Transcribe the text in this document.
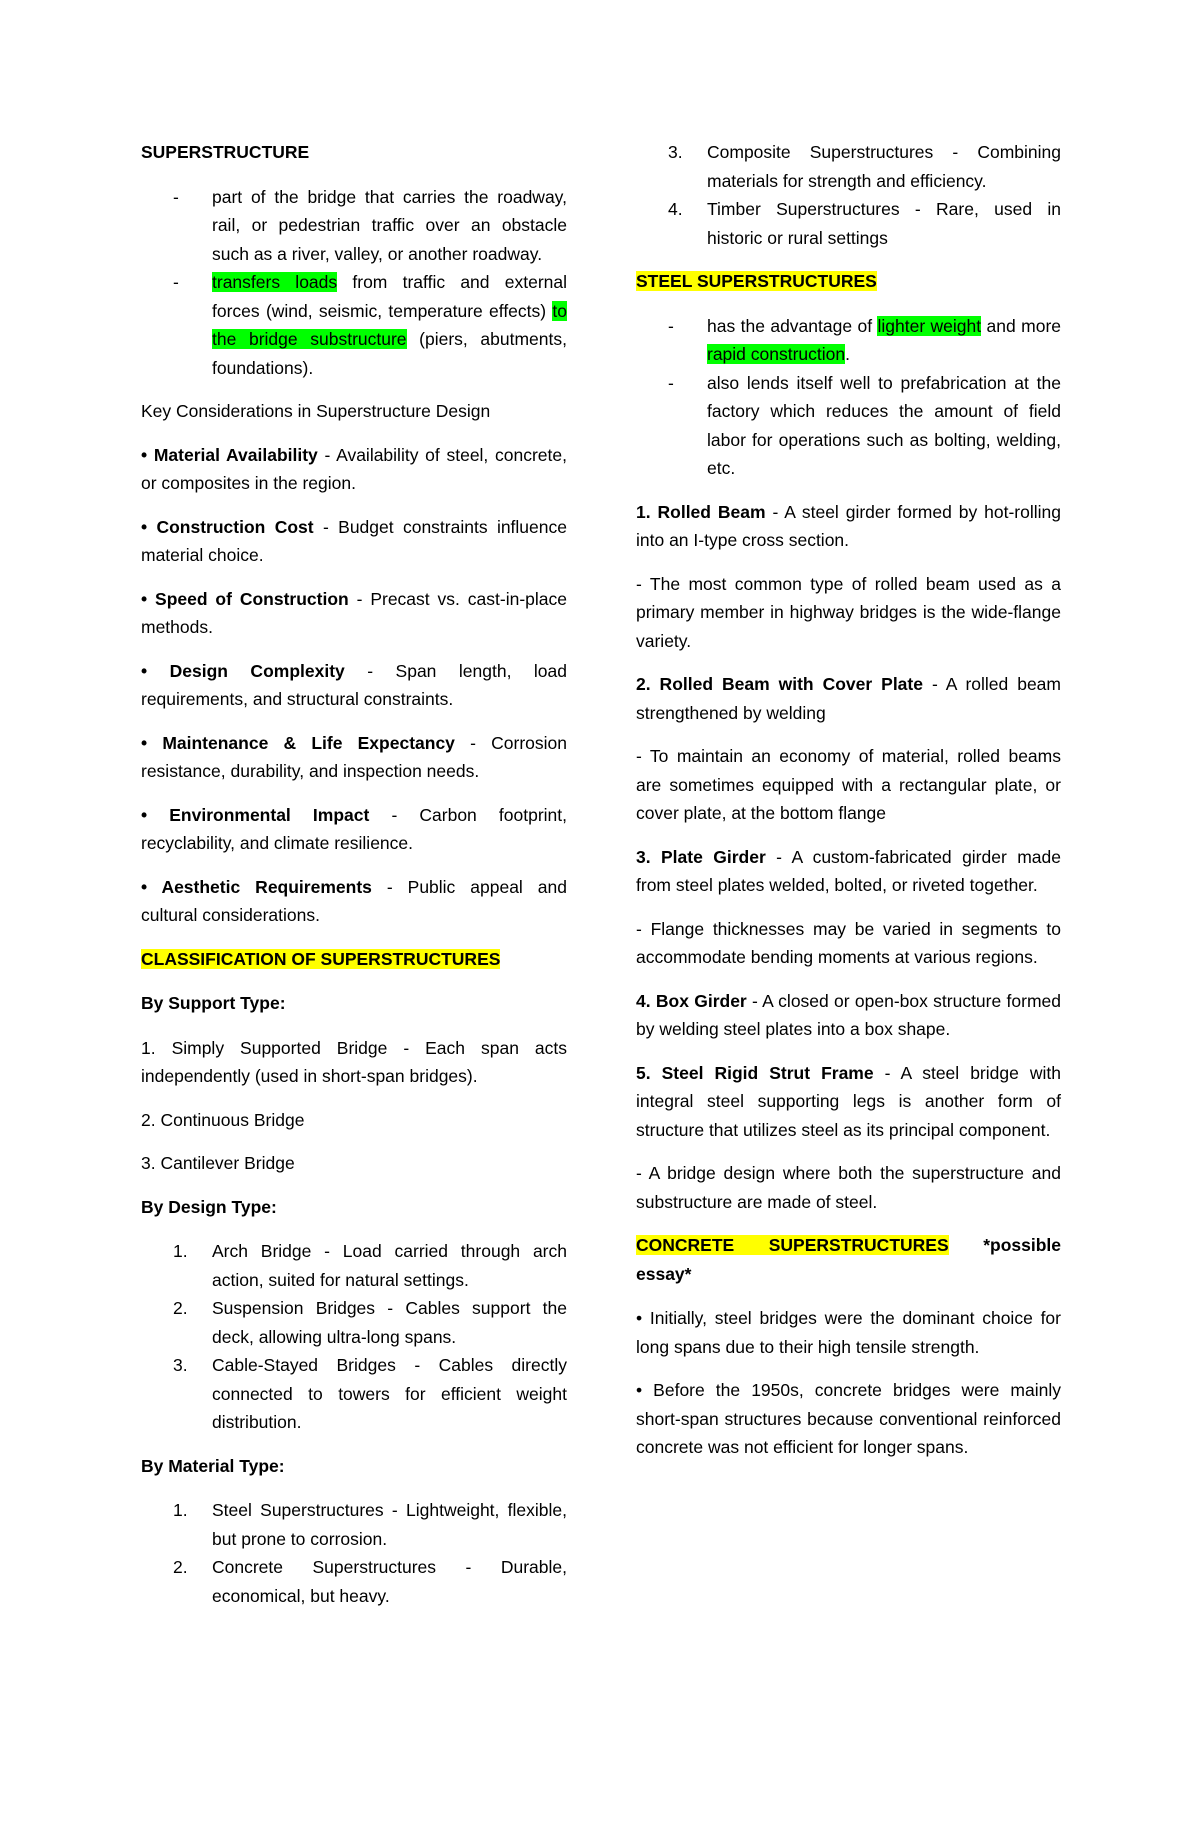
SUPERSTRUCTURE

- part of the bridge that carries the roadway, rail, or pedestrian traffic over an obstacle such as a river, valley, or another roadway.
- transfers loads from traffic and external forces (wind, seismic, temperature effects) to the bridge substructure (piers, abutments, foundations).

Key Considerations in Superstructure Design

• Material Availability - Availability of steel, concrete, or composites in the region.

• Construction Cost - Budget constraints influence material choice.

• Speed of Construction - Precast vs. cast-in-place methods.

• Design Complexity - Span length, load requirements, and structural constraints.

• Maintenance & Life Expectancy - Corrosion resistance, durability, and inspection needs.

• Environmental Impact - Carbon footprint, recyclability, and climate resilience.

• Aesthetic Requirements - Public appeal and cultural considerations.

CLASSIFICATION OF SUPERSTRUCTURES

By Support Type:

1. Simply Supported Bridge - Each span acts independently (used in short-span bridges).

2. Continuous Bridge

3. Cantilever Bridge

By Design Type:

1. Arch Bridge - Load carried through arch action, suited for natural settings.
2. Suspension Bridges - Cables support the deck, allowing ultra-long spans.
3. Cable-Stayed Bridges - Cables directly connected to towers for efficient weight distribution.

By Material Type:

1. Steel Superstructures - Lightweight, flexible, but prone to corrosion.
2. Concrete Superstructures - Durable, economical, but heavy.
3. Composite Superstructures - Combining materials for strength and efficiency.
4. Timber Superstructures - Rare, used in historic or rural settings

STEEL SUPERSTRUCTURES

- has the advantage of lighter weight and more rapid construction.
- also lends itself well to prefabrication at the factory which reduces the amount of field labor for operations such as bolting, welding, etc.

1. Rolled Beam - A steel girder formed by hot-rolling into an I-type cross section.

- The most common type of rolled beam used as a primary member in highway bridges is the wide-flange variety.

2. Rolled Beam with Cover Plate - A rolled beam strengthened by welding

- To maintain an economy of material, rolled beams are sometimes equipped with a rectangular plate, or cover plate, at the bottom flange

3. Plate Girder - A custom-fabricated girder made from steel plates welded, bolted, or riveted together.

- Flange thicknesses may be varied in segments to accommodate bending moments at various regions.

4. Box Girder - A closed or open-box structure formed by welding steel plates into a box shape.

5. Steel Rigid Strut Frame - A steel bridge with integral steel supporting legs is another form of structure that utilizes steel as its principal component.

- A bridge design where both the superstructure and substructure are made of steel.

CONCRETE SUPERSTRUCTURES *possible essay*

• Initially, steel bridges were the dominant choice for long spans due to their high tensile strength.

• Before the 1950s, concrete bridges were mainly short-span structures because conventional reinforced concrete was not efficient for longer spans.
